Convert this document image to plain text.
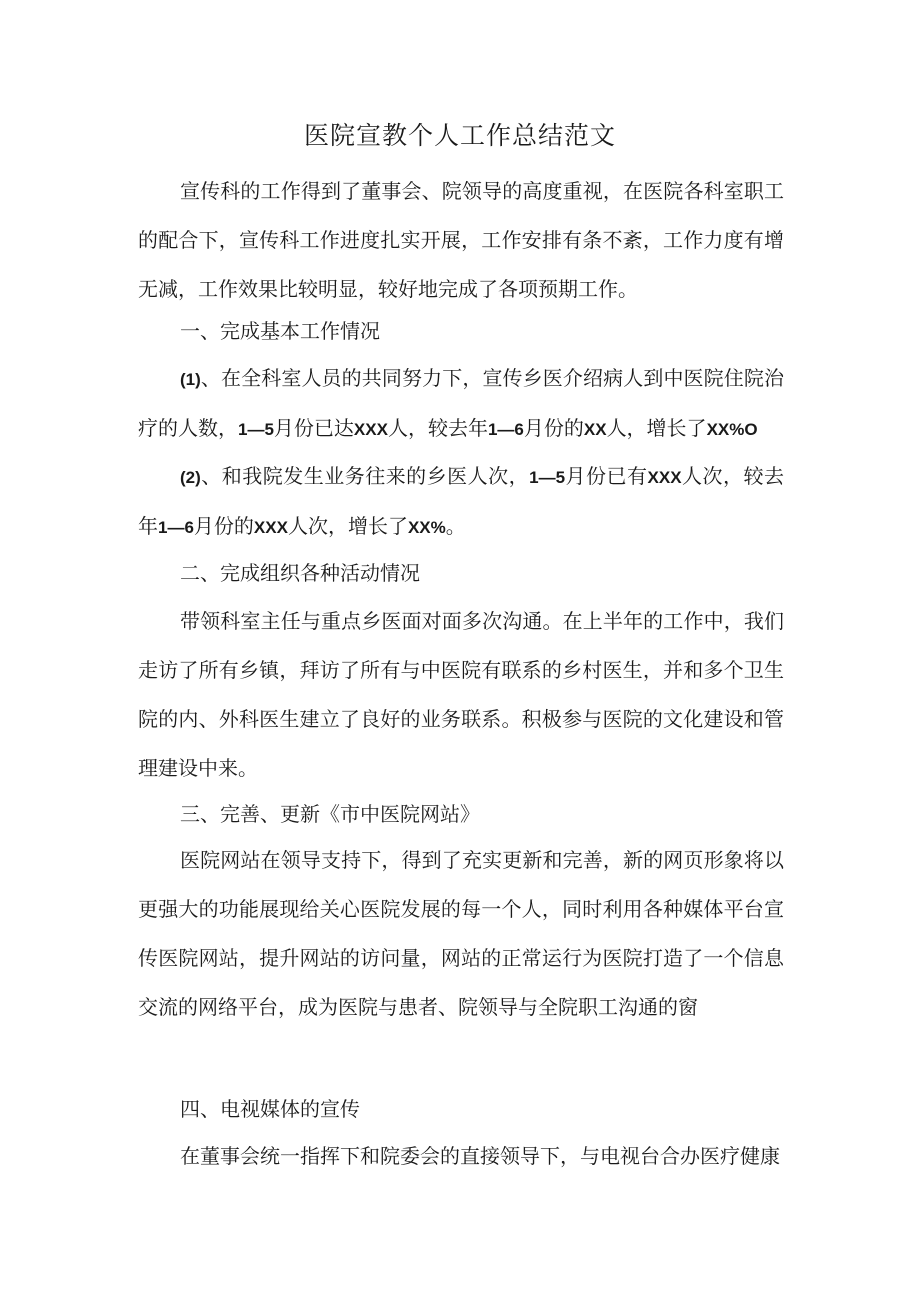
医院宣教个人工作总结范文

宣传科的工作得到了董事会、院领导的高度重视，在医院各科室职工的配合下，宣传科工作进度扎实开展，工作安排有条不紊，工作力度有增无减，工作效果比较明显，较好地完成了各项预期工作。

一、完成基本工作情况

(1)、在全科室人员的共同努力下，宣传乡医介绍病人到中医院住院治疗的人数，1—5月份已达XXX人，较去年1—6月份的XX人，增长了XX%O

(2)、和我院发生业务往来的乡医人次，1—5月份已有XXX人次，较去年1—6月份的XXX人次，增长了XX%。

二、完成组织各种活动情况

带领科室主任与重点乡医面对面多次沟通。在上半年的工作中，我们走访了所有乡镇，拜访了所有与中医院有联系的乡村医生，并和多个卫生院的内、外科医生建立了良好的业务联系。积极参与医院的文化建设和管理建设中来。

三、完善、更新《市中医院网站》

医院网站在领导支持下，得到了充实更新和完善，新的网页形象将以更强大的功能展现给关心医院发展的每一个人，同时利用各种媒体平台宣传医院网站，提升网站的访问量，网站的正常运行为医院打造了一个信息交流的网络平台，成为医院与患者、院领导与全院职工沟通的窗

四、电视媒体的宣传

在董事会统一指挥下和院委会的直接领导下，与电视台合办医疗健康
